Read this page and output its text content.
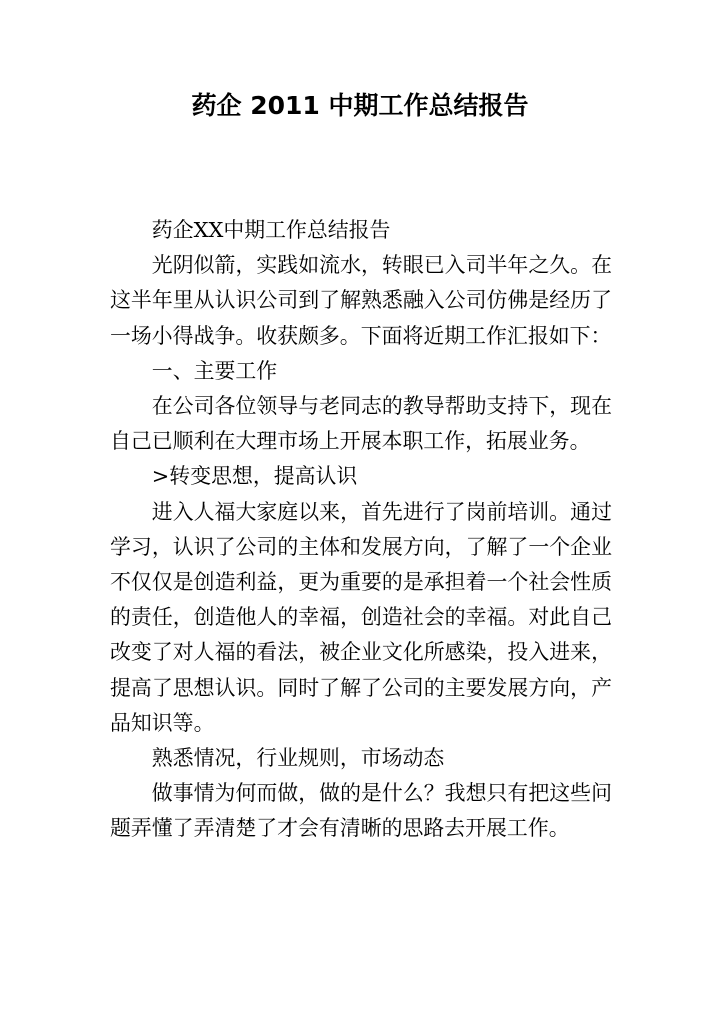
药企 2011 中期工作总结报告

药企XX中期工作总结报告

光阴似箭，实践如流水，转眼已入司半年之久。在这半年里从认识公司到了解熟悉融入公司仿佛是经历了一场小得战争。收获颇多。下面将近期工作汇报如下：

一、主要工作

在公司各位领导与老同志的教导帮助支持下，现在自己已顺利在大理市场上开展本职工作，拓展业务。

>转变思想，提高认识

进入人福大家庭以来，首先进行了岗前培训。通过学习，认识了公司的主体和发展方向，了解了一个企业不仅仅是创造利益，更为重要的是承担着一个社会性质的责任，创造他人的幸福，创造社会的幸福。对此自己改变了对人福的看法，被企业文化所感染，投入进来，提高了思想认识。同时了解了公司的主要发展方向，产品知识等。

熟悉情况，行业规则，市场动态

做事情为何而做，做的是什么？我想只有把这些问题弄懂了弄清楚了才会有清晰的思路去开展工作。
